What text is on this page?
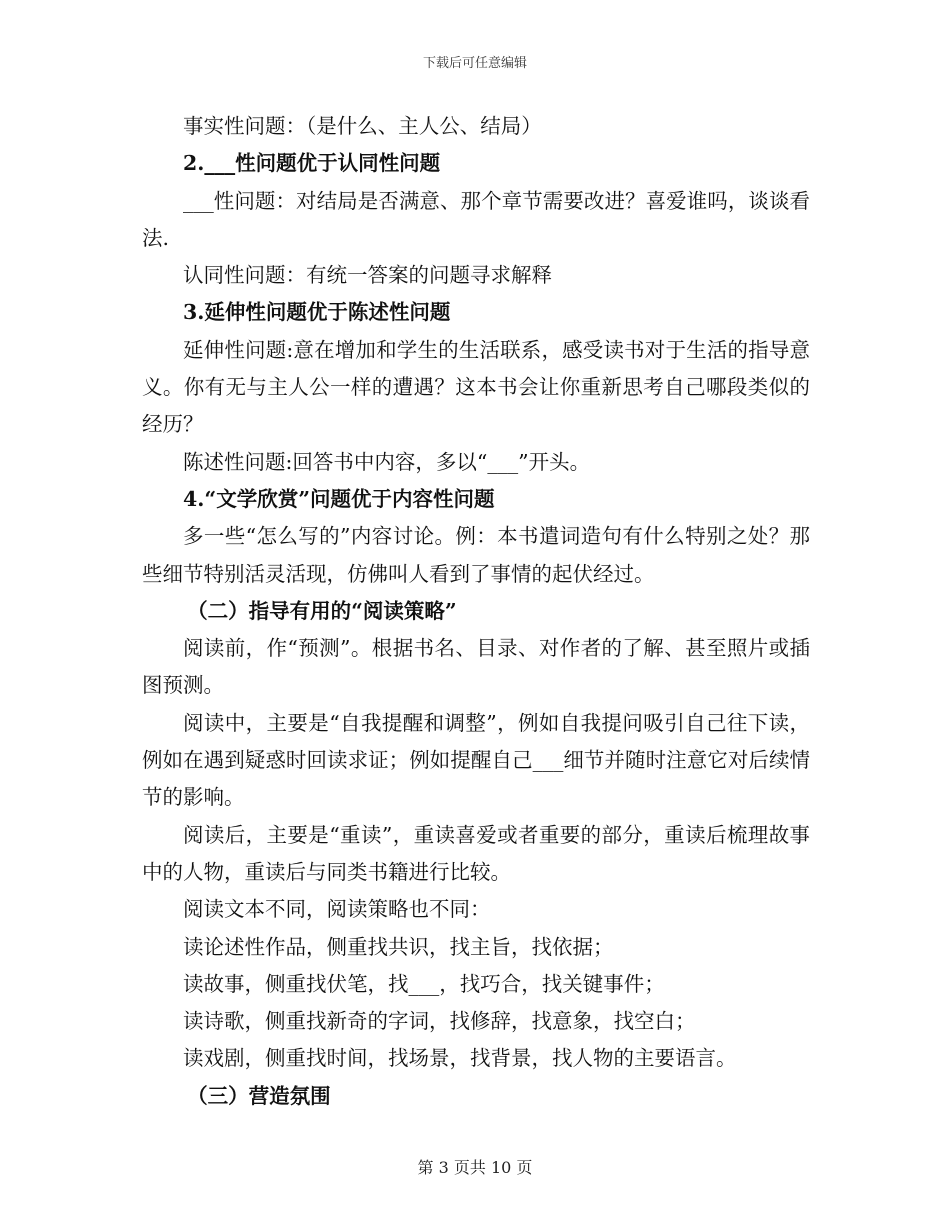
下载后可任意编辑

事实性问题：（是什么、主人公、结局）

2.___性问题优于认同性问题

___性问题：对结局是否满意、那个章节需要改进？喜爱谁吗，谈谈看法.

认同性问题：有统一答案的问题寻求解释

3.延伸性问题优于陈述性问题

延伸性问题:意在增加和学生的生活联系，感受读书对于生活的指导意义。你有无与主人公一样的遭遇？这本书会让你重新思考自己哪段类似的经历？

陈述性问题:回答书中内容，多以“___”开头。

4.“文学欣赏”问题优于内容性问题

多一些“怎么写的”内容讨论。例：本书遣词造句有什么特别之处？那些细节特别活灵活现，仿佛叫人看到了事情的起伏经过。

（二）指导有用的“阅读策略”

阅读前，作“预测”。根据书名、目录、对作者的了解、甚至照片或插图预测。

阅读中，主要是“自我提醒和调整”，例如自我提问吸引自己往下读，例如在遇到疑惑时回读求证；例如提醒自己___细节并随时注意它对后续情节的影响。

阅读后，主要是“重读”，重读喜爱或者重要的部分，重读后梳理故事中的人物，重读后与同类书籍进行比较。

阅读文本不同，阅读策略也不同：

读论述性作品，侧重找共识，找主旨，找依据；

读故事，侧重找伏笔，找___，找巧合，找关键事件；

读诗歌，侧重找新奇的字词，找修辞，找意象，找空白；

读戏剧，侧重找时间，找场景，找背景，找人物的主要语言。

（三）营造氛围

第 3 页共 10 页
